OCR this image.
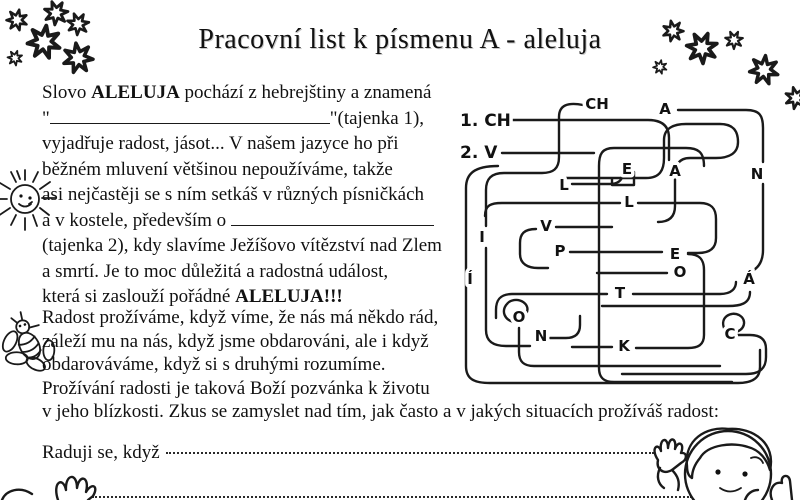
Pracovní list k písmenu A - aleluja
Slovo ALELUJA pochází z hebrejštiny a znamená
"	"(tajenka 1),
vyjadřuje radost, jásot... V našem jazyce ho při
běžném mluvení většinou nepoužíváme, takže
asi nejčastěji se s ním setkáš v různých písničkách
a v kostele, především o
(tajenka 2), kdy slavíme Ježíšovo vítězství nad Zlem
a smrtí. Je to moc důležitá a radostná událost,
která si zaslouží pořádné ALELUJA!!!
1. CH
2. V
CH	A
E A	N
L
L
V
I
P	E
O
Í	Á
T
O
N
K
C
Radost prožíváme, když víme, že nás má někdo rád,
záleží mu na nás, když jsme obdarováni, ale i když
obdarováváme, když si s druhými rozumíme.
Prožívání radosti je taková Boží pozvánka k životu
v jeho blízkosti. Zkus se zamyslet nad tím, jak často a v jakých situacích prožíváš radost:
Raduji se, když
